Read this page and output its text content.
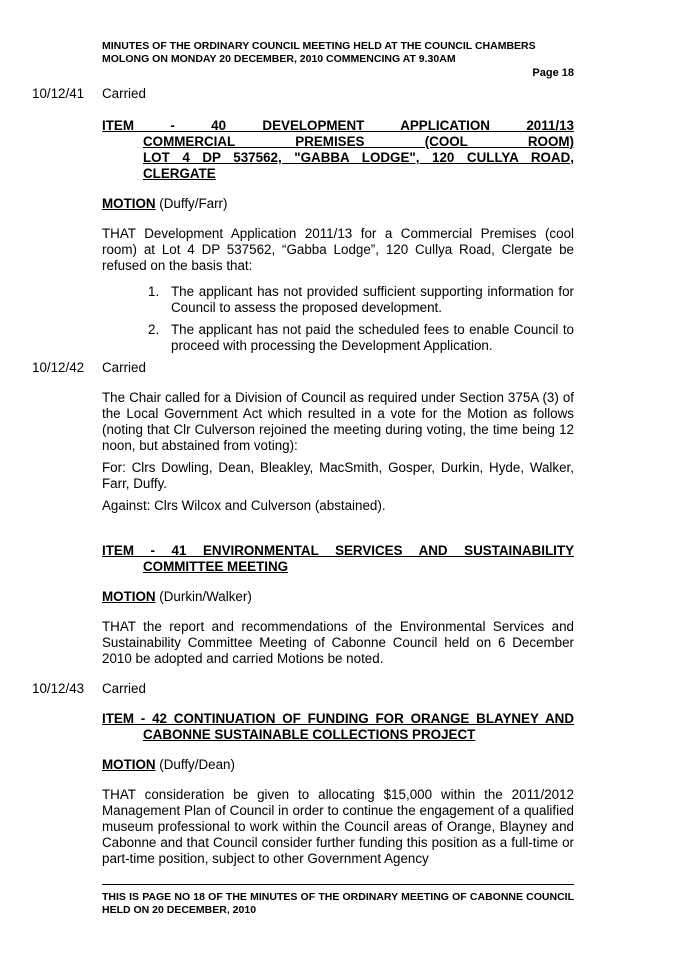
MINUTES OF THE ORDINARY COUNCIL MEETING HELD AT THE COUNCIL CHAMBERS
MOLONG ON MONDAY 20 DECEMBER, 2010 COMMENCING AT 9.30AM
Page 18
10/12/41 Carried
ITEM - 40 DEVELOPMENT APPLICATION 2011/13
COMMERCIAL PREMISES (COOL ROOM)
LOT 4 DP 537562, "GABBA LODGE", 120 CULLYA ROAD,
CLERGATE
MOTION (Duffy/Farr)
THAT Development Application 2011/13 for a Commercial Premises (cool room) at Lot 4 DP 537562, “Gabba Lodge”, 120 Cullya Road, Clergate be refused on the basis that:
1. The applicant has not provided sufficient supporting information for Council to assess the proposed development.
2. The applicant has not paid the scheduled fees to enable Council to proceed with processing the Development Application.
10/12/42 Carried
The Chair called for a Division of Council as required under Section 375A (3) of the Local Government Act which resulted in a vote for the Motion as follows (noting that Clr Culverson rejoined the meeting during voting, the time being 12 noon, but abstained from voting):
For: Clrs Dowling, Dean, Bleakley, MacSmith, Gosper, Durkin, Hyde, Walker, Farr, Duffy.
Against: Clrs Wilcox and Culverson (abstained).
ITEM - 41 ENVIRONMENTAL SERVICES AND SUSTAINABILITY
COMMITTEE MEETING
MOTION (Durkin/Walker)
THAT the report and recommendations of the Environmental Services and Sustainability Committee Meeting of Cabonne Council held on 6 December 2010 be adopted and carried Motions be noted.
10/12/43 Carried
ITEM - 42 CONTINUATION OF FUNDING FOR ORANGE BLAYNEY AND
CABONNE SUSTAINABLE COLLECTIONS PROJECT
MOTION (Duffy/Dean)
THAT consideration be given to allocating $15,000 within the 2011/2012 Management Plan of Council in order to continue the engagement of a qualified museum professional to work within the Council areas of Orange, Blayney and Cabonne and that Council consider further funding this position as a full-time or part-time position, subject to other Government Agency
THIS IS PAGE NO 18 OF THE MINUTES OF THE ORDINARY MEETING OF CABONNE COUNCIL HELD ON 20 DECEMBER, 2010
